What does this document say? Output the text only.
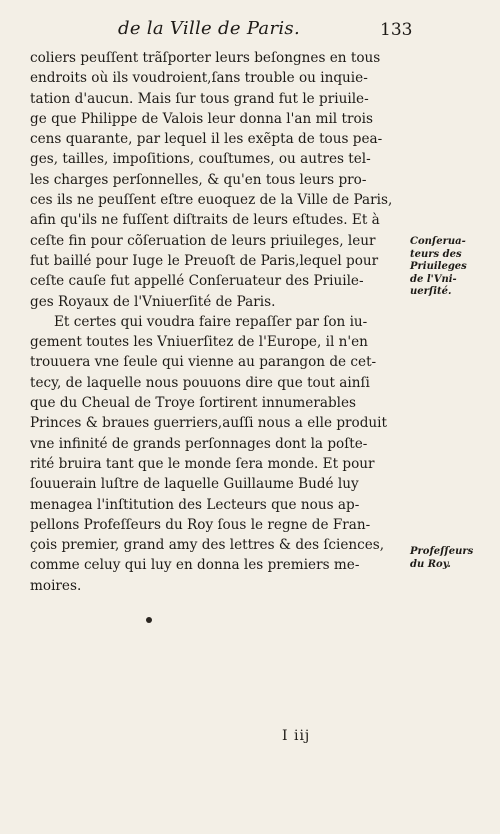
de la Ville de Paris.	133
coliers peuſſent trãſporter leurs beſongnes en tous
endroits où ils voudroient,ſans trouble ou inquie-
tation d'aucun. Mais ſur tous grand fut le priuile-
ge que Philippe de Valois leur donna l'an mil trois
cens quarante, par lequel il les exẽpta de tous pea-
ges, tailles, impoſitions, couſtumes, ou autres tel-
les charges perſonnelles, & qu'en tous leurs pro-
ces ils ne peuſſent eſtre euoquez de la Ville de Paris,
afin qu'ils ne fuſſent diſtraits de leurs eſtudes. Et à
ceſte fin pour cõſeruation de leurs priuileges, leur
fut baillé pour Iuge le Preuoſt de Paris,lequel pour
ceſte cauſe fut appellé Conſeruateur des Priuile-
ges Royaux de l'Vniuerſité de Paris.
Et certes qui voudra faire repaſſer par ſon iu-
gement toutes les Vniuerſitez de l'Europe, il n'en
trouuera vne ſeule qui vienne au parangon de cet-
tecy, de laquelle nous pouuons dire que tout ainſi
que du Cheual de Troye ſortirent innumerables
Princes & braues guerriers,auſſi nous a elle produit
vne infinité de grands perſonnages dont la poſte-
rité bruira tant que le monde ſera monde. Et pour
ſouuerain luſtre de laquelle Guillaume Budé luy
menagea l'inſtitution des Lecteurs que nous ap-
pellons Profeſſeurs du Roy ſous le regne de Fran-
çois premier, grand amy des lettres & des ſciences,
comme celuy qui luy en donna les premiers me-
moires.
Conſerua-
teurs des
Priuileges
de l'Vni-
uerſité.
Profeſſeurs
du Roy.
I iij
